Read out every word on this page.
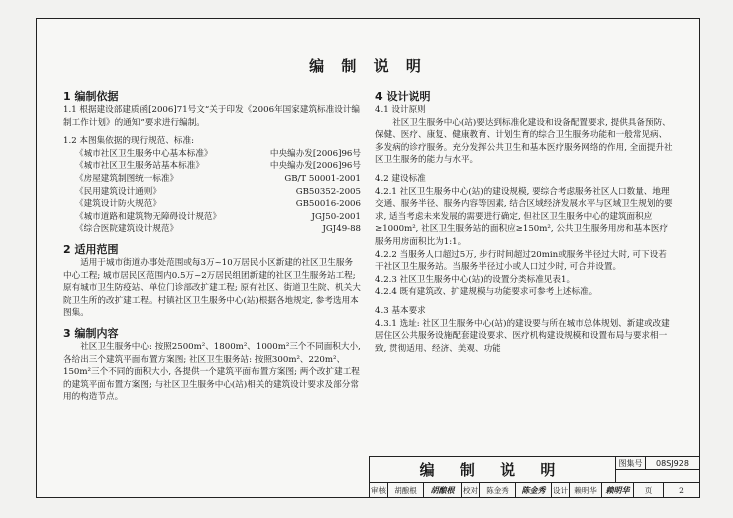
编 制 说 明
1 编制依据
1.1 根据建设部建质函[2006]71号文“关于印发《2006年国家建筑标准设计编制工作计划》的通知”要求进行编制。
1.2 本图集依据的现行规范、标准:
《城市社区卫生服务中心基本标准》	中央编办发[2006]96号
《城市社区卫生服务站基本标准》	中央编办发[2006]96号
《房屋建筑制图统一标准》	GB/T 50001-2001
《民用建筑设计通则》	GB50352-2005
《建筑设计防火规范》	GB50016-2006
《城市道路和建筑物无障碍设计规范》	JGJ50-2001
《综合医院建筑设计规范》	JGJ49-88
2 适用范围
适用于城市街道办事处范围或每3万~10万居民小区新建的社区卫生服务中心工程; 城市居民区范围内0.5万~2万居民组团新建的社区卫生服务站工程; 原有城市卫生防疫站、单位门诊部改扩建工程; 原有社区、街道卫生院、机关大院卫生所的改扩建工程。村镇社区卫生服务中心(站)根据各地规定, 参考选用本图集。
3 编制内容
社区卫生服务中心: 按照2500m²、1800m²、1000m²三个不同面积大小, 各给出三个建筑平面布置方案图; 社区卫生服务站: 按照300m²、220m²、150m²三个不同的面积大小, 各提供一个建筑平面布置方案图; 两个改扩建工程的建筑平面布置方案图; 与社区卫生服务中心(站)相关的建筑设计要求及部分常用的构造节点。
4 设计说明
4.1 设计原则
社区卫生服务中心(站)要达到标准化建设和设备配置要求, 提供具备预防、保健、医疗、康复、健康教育、计划生育的综合卫生服务功能和一般常见病、多发病的诊疗服务。充分发挥公共卫生和基本医疗服务网络的作用, 全面提升社区卫生服务的能力与水平。
4.2 建设标准
4.2.1 社区卫生服务中心(站)的建设规模, 要综合考虑服务社区人口数量、地理交通、服务半径、服务内容等因素, 结合区域经济发展水平与区域卫生规划的要求, 适当考虑未来发展的需要进行确定, 但社区卫生服务中心的建筑面积应≥1000m², 社区卫生服务站的面积应≥150m², 公共卫生服务用房和基本医疗服务用房面积比为1:1。
4.2.2 当服务人口超过5万, 步行时间超过20min或服务半径过大时, 可下设若干社区卫生服务站。当服务半径过小或人口过少时, 可合并设置。
4.2.3 社区卫生服务中心(站)的设置分类标准见表1。
4.2.4 既有建筑改、扩建规模与功能要求可参考上述标准。
4.3 基本要求
4.3.1 选址: 社区卫生服务中心(站)的建设要与所在城市总体规划、新建或改建居住区公共服务设施配套建设要求、医疗机构建设规模和设置布局与要求相一致, 贯彻适用、经济、美观、功能
编 制 说 明	图集号	08SJ928
审核	胡酿根	胡酿根	校对	陈金秀	陈金秀	设计 赖明华	赖明华	页	2
